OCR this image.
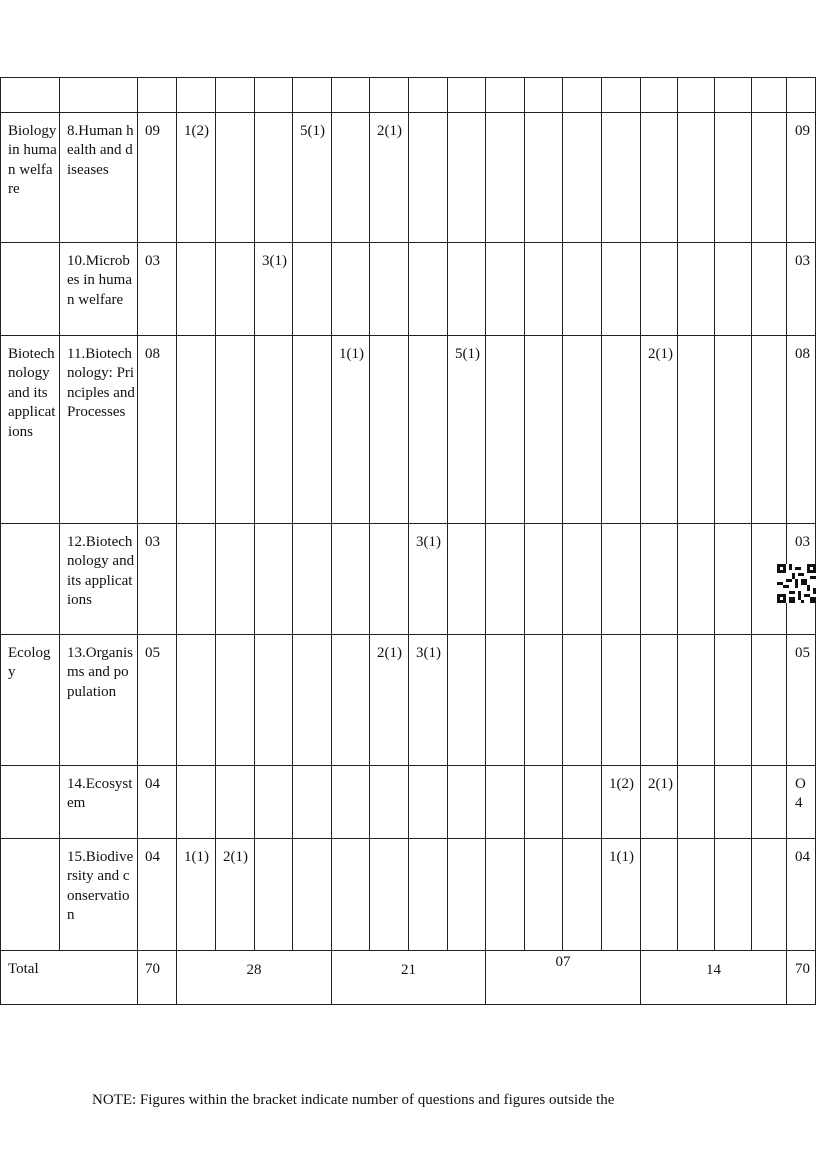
Biology in human welfare	8.Human health and diseases	09	1(2)			5(1)		2(1)											09
	10.Microbes in human welfare	03			3(1)														03
Biotechnology and its applications	11.Biotechnology: Principles and Processes	08					1(1)			5(1)					2(1)				08
	12.Biotechnology and its applications	03							3(1)										03
Ecology	13.Organisms and population	05						2(1)	3(1)										05
	14.Ecosystem	04												1(2)	2(1)				O4
	15.Biodiversity and conservation	04	1(1)	2(1)										1(1)					04
Total		70	28				21				07				14				70
NOTE: Figures within the bracket indicate number of questions and figures outside the
